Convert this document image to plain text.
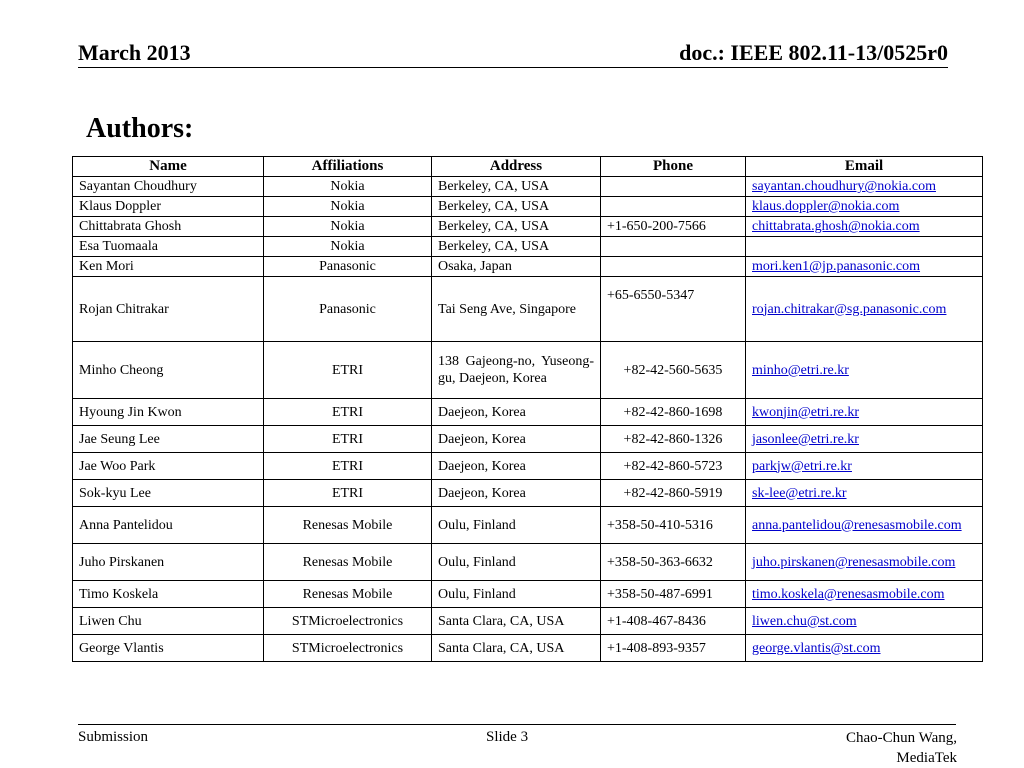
March 2013	doc.: IEEE 802.11-13/0525r0
Authors:
Name	Affiliations	Address	Phone	Email
Sayantan Choudhury	Nokia	Berkeley, CA, USA		sayantan.choudhury@nokia.com
Klaus Doppler	Nokia	Berkeley, CA, USA		klaus.doppler@nokia.com
Chittabrata Ghosh	Nokia	Berkeley, CA, USA	+1-650-200-7566	chittabrata.ghosh@nokia.com
Esa Tuomaala	Nokia	Berkeley, CA, USA		
Ken Mori	Panasonic	Osaka, Japan		mori.ken1@jp.panasonic.com
Rojan Chitrakar	Panasonic	Tai Seng Ave, Singapore	+65-6550-5347	rojan.chitrakar@sg.panasonic.com
Minho Cheong	ETRI	138 Gajeong-no, Yuseong-gu, Daejeon, Korea	+82-42-560-5635	minho@etri.re.kr
Hyoung Jin Kwon	ETRI	Daejeon, Korea	+82-42-860-1698	kwonjin@etri.re.kr
Jae Seung Lee	ETRI	Daejeon, Korea	+82-42-860-1326	jasonlee@etri.re.kr
Jae Woo Park	ETRI	Daejeon, Korea	+82-42-860-5723	parkjw@etri.re.kr
Sok-kyu Lee	ETRI	Daejeon, Korea	+82-42-860-5919	sk-lee@etri.re.kr
Anna Pantelidou	Renesas Mobile	Oulu, Finland	+358-50-410-5316	anna.pantelidou@renesasmobile.com
Juho Pirskanen	Renesas Mobile	Oulu, Finland	+358-50-363-6632	juho.pirskanen@renesasmobile.com
Timo Koskela	Renesas Mobile	Oulu, Finland	+358-50-487-6991	timo.koskela@renesasmobile.com
Liwen Chu	STMicroelectronics	Santa Clara, CA, USA	+1-408-467-8436	liwen.chu@st.com
George Vlantis	STMicroelectronics	Santa Clara, CA, USA	+1-408-893-9357	george.vlantis@st.com
Submission	Slide 3	Chao-Chun Wang,
MediaTek
